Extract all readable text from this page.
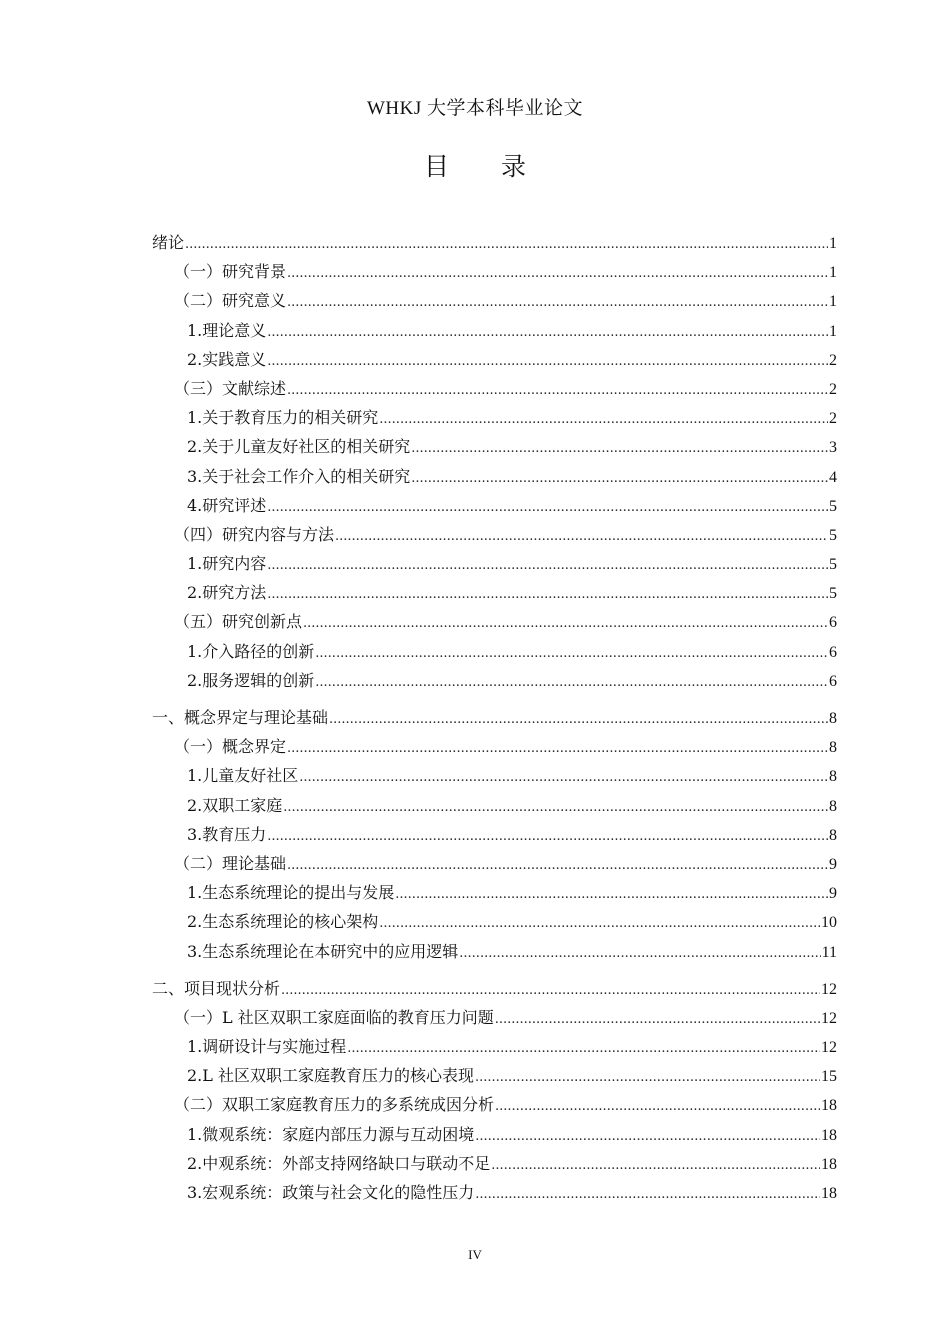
WHKJ 大学本科毕业论文
目 录
绪论 .....	1
（一）研究背景 .....	1
（二）研究意义 .....	1
1.理论意义 .....	1
2.实践意义 .....	2
（三）文献综述 .....	2
1.关于教育压力的相关研究 .....	2
2.关于儿童友好社区的相关研究 .....	3
3.关于社会工作介入的相关研究 .....	4
4.研究评述 .....	5
（四）研究内容与方法 .....	5
1.研究内容 .....	5
2.研究方法 .....	5
（五）研究创新点 .....	6
1.介入路径的创新 .....	6
2.服务逻辑的创新 .....	6
一、概念界定与理论基础 .....	8
（一）概念界定 .....	8
1.儿童友好社区 .....	8
2.双职工家庭 .....	8
3.教育压力 .....	8
（二）理论基础 .....	9
1.生态系统理论的提出与发展 .....	9
2.生态系统理论的核心架构 .....	10
3.生态系统理论在本研究中的应用逻辑 .....	11
二、项目现状分析 .....	12
（一）L 社区双职工家庭面临的教育压力问题 .....	12
1.调研设计与实施过程 .....	12
2.L 社区双职工家庭教育压力的核心表现 .....	15
（二）双职工家庭教育压力的多系统成因分析 .....	18
1.微观系统：家庭内部压力源与互动困境 .....	18
2.中观系统：外部支持网络缺口与联动不足 .....	18
3.宏观系统：政策与社会文化的隐性压力 .....	18
IV
